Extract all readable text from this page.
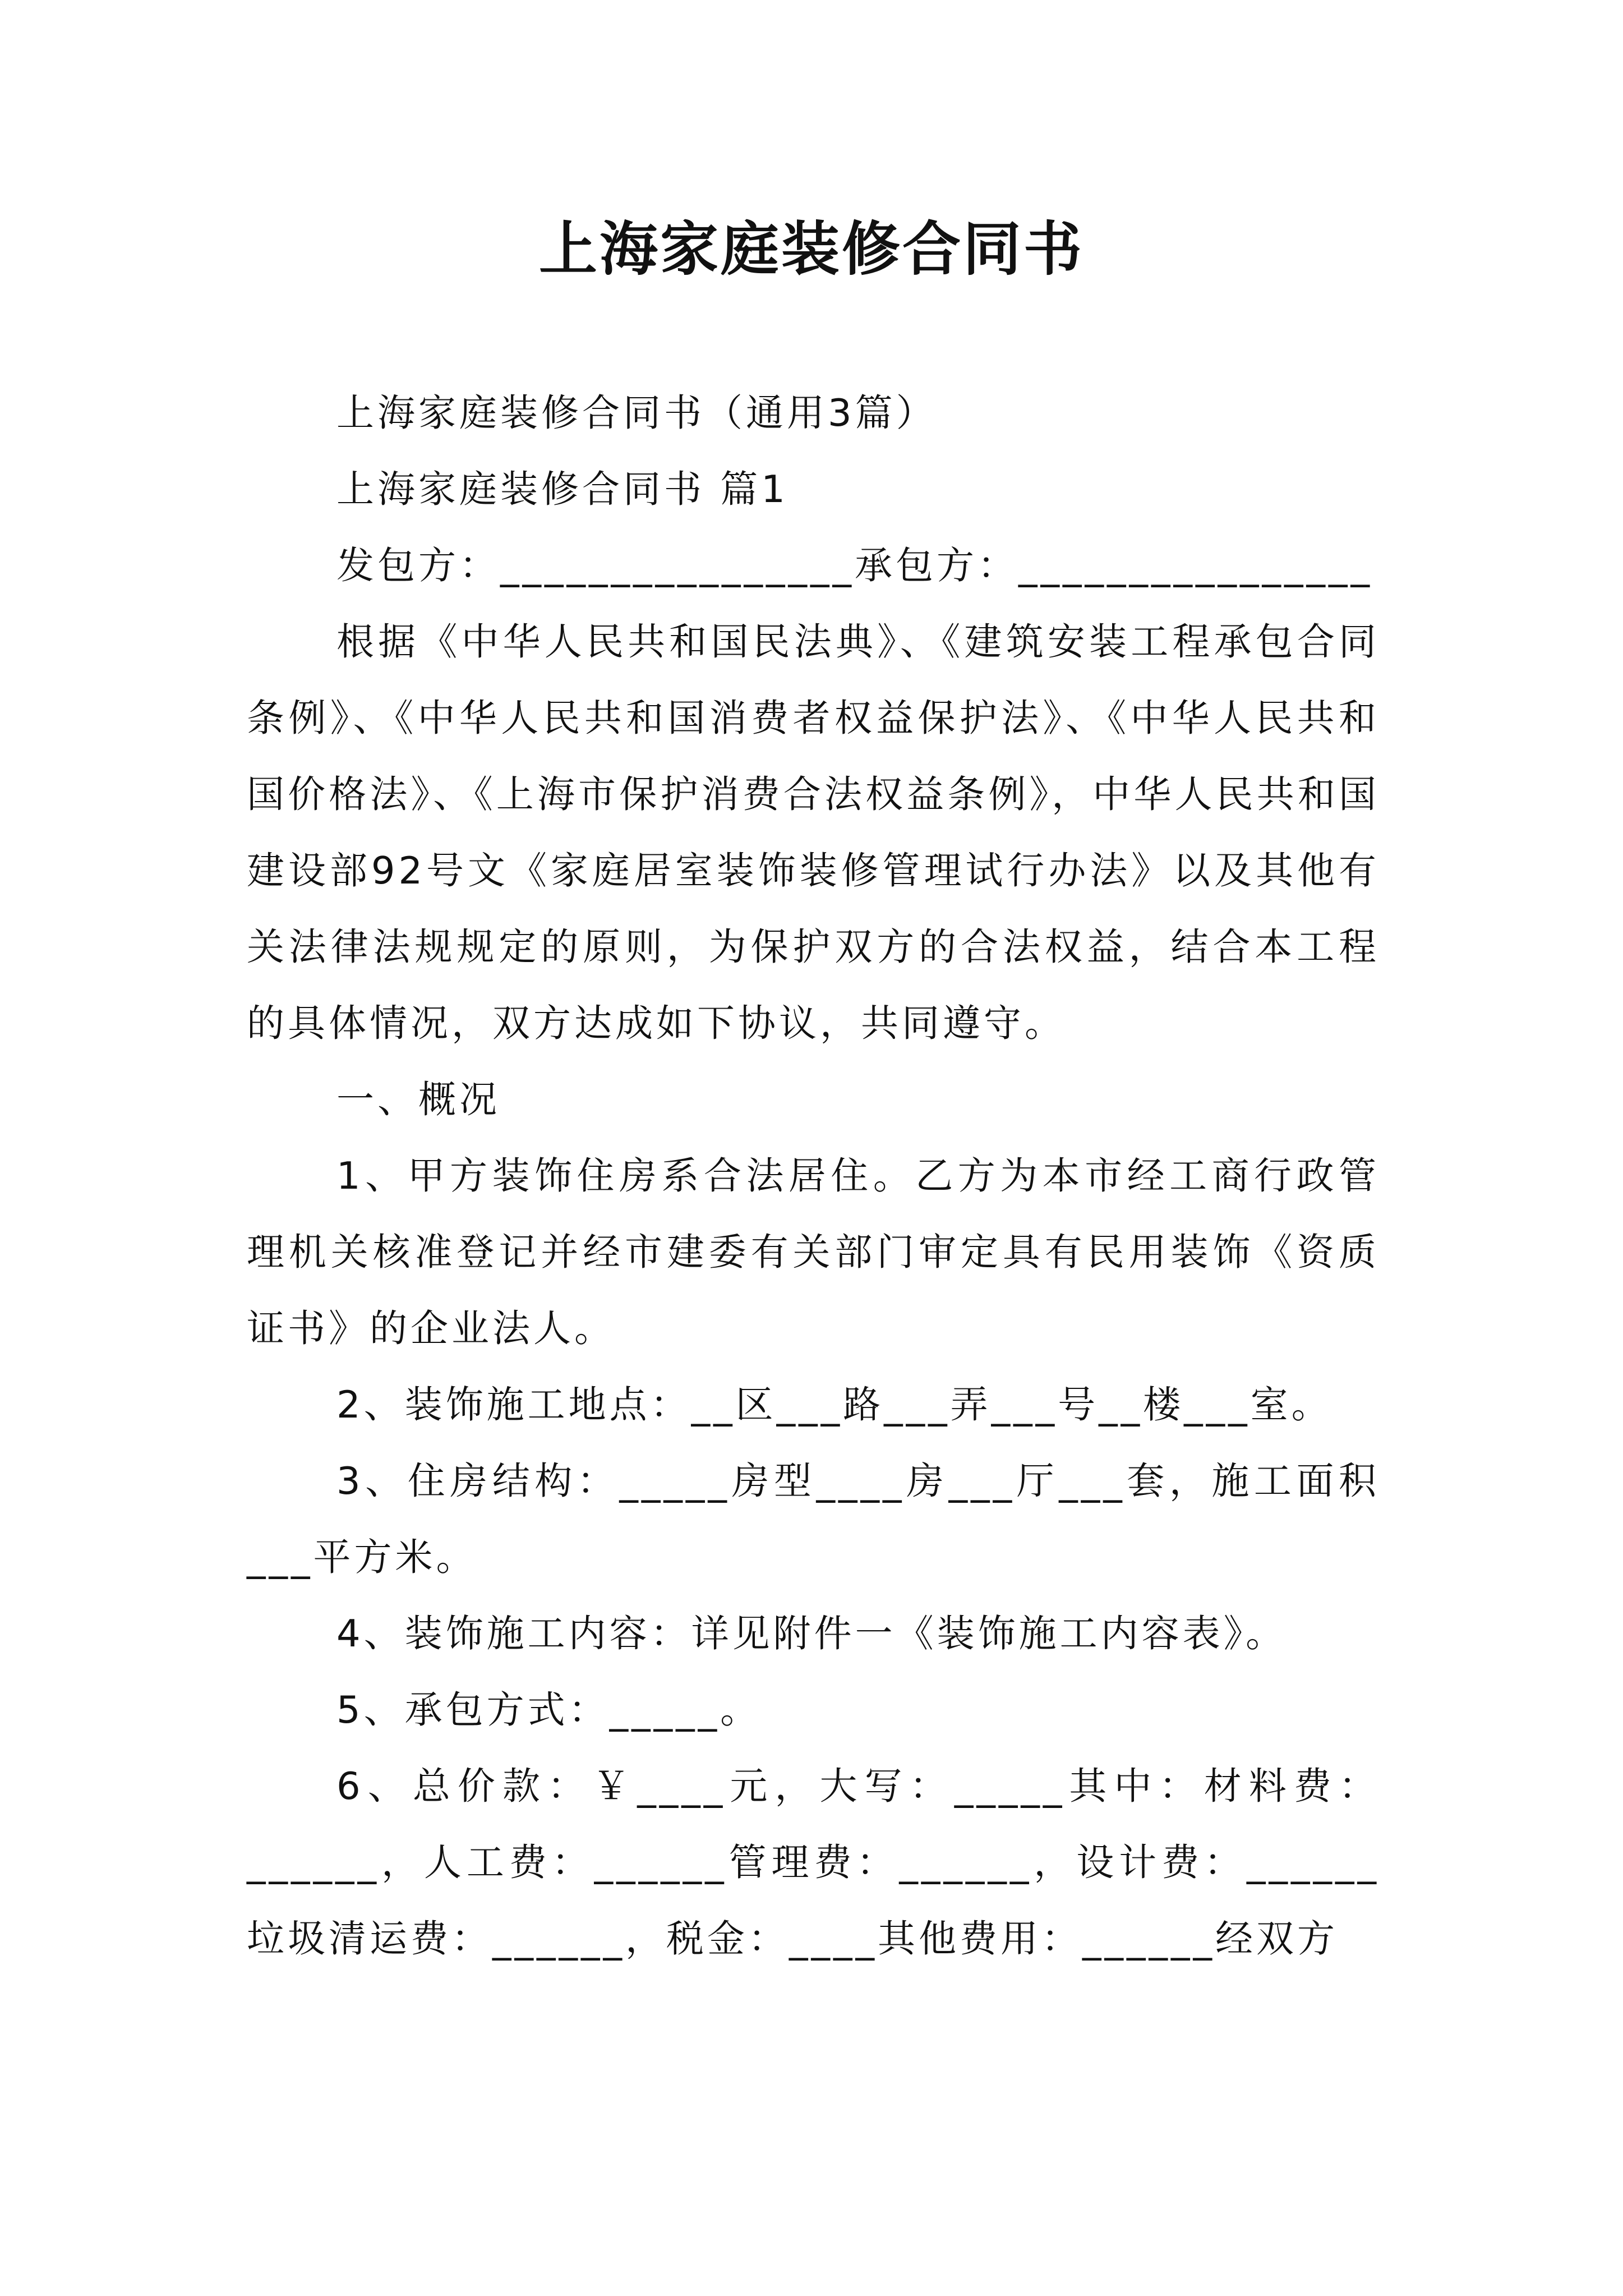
上海家庭装修合同书

上海家庭装修合同书（通用3篇）

上海家庭装修合同书 篇1

发包方：________________承包方：________________

根据《中华人民共和国民法典》、《建筑安装工程承包合同条例》、《中华人民共和国消费者权益保护法》、《中华人民共和国价格法》、《上海市保护消费合法权益条例》，中华人民共和国建设部92号文《家庭居室装饰装修管理试行办法》以及其他有关法律法规规定的原则，为保护双方的合法权益，结合本工程的具体情况，双方达成如下协议，共同遵守。

一、概况

1、甲方装饰住房系合法居住。乙方为本市经工商行政管理机关核准登记并经市建委有关部门审定具有民用装饰《资质证书》的企业法人。

2、装饰施工地点：__区___路___弄___号__楼___室。

3、住房结构：_____房型____房___厅___套，施工面积___平方米。

4、装饰施工内容：详见附件一《装饰施工内容表》。

5、承包方式：_____。

6、总价款：￥____元，大写：_____其中：材料费：______，人工费：______管理费：______，设计费：______垃圾清运费：______，税金：____其他费用：______经双方
